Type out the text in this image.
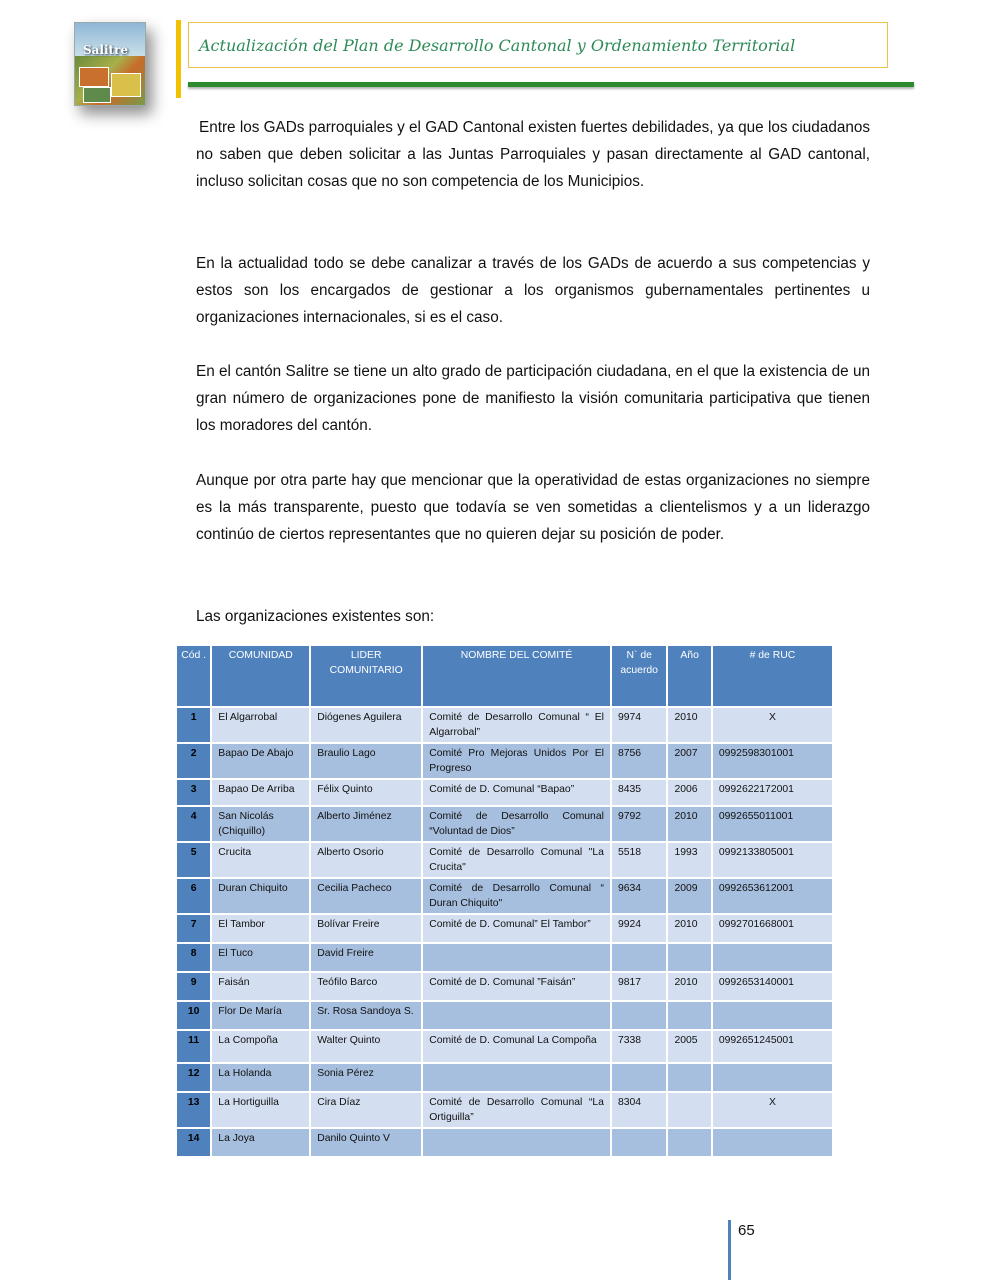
Salitre	Actualización del Plan de Desarrollo Cantonal y Ordenamiento Territorial

Entre los GADs parroquiales y el GAD Cantonal existen fuertes debilidades, ya que los ciudadanos no saben que deben solicitar a las Juntas Parroquiales y pasan directamente al GAD cantonal, incluso solicitan cosas que no son competencia de los Municipios.

En la actualidad todo se debe canalizar a través de los GADs de acuerdo a sus competencias y estos son los encargados de gestionar a los organismos gubernamentales pertinentes u organizaciones internacionales, si es el caso.

En el cantón Salitre se tiene un alto grado de participación ciudadana, en el que la existencia de un gran número de organizaciones pone de manifiesto la visión comunitaria participativa que tienen los moradores del cantón.

Aunque por otra parte hay que mencionar que la operatividad de estas organizaciones no siempre es la más transparente, puesto que todavía se ven sometidas a clientelismos y a un liderazgo continúo de ciertos representantes que no quieren dejar su posición de poder.

Las organizaciones existentes son:

Cód .	COMUNIDAD	LIDER COMUNITARIO	NOMBRE DEL COMITÉ	N` de acuerdo	Año	# de RUC
1	El Algarrobal	Diógenes Aguilera	Comité de Desarrollo Comunal “ El Algarrobal”	9974	2010	X
2	Bapao De Abajo	Braulio Lago	Comité Pro Mejoras Unidos Por El Progreso	8756	2007	0992598301001
3	Bapao De Arriba	Félix Quinto	Comité de D. Comunal “Bapao”	8435	2006	0992622172001
4	San Nicolás (Chiquillo)	Alberto Jiménez	Comité de Desarrollo Comunal “Voluntad de Dios”	9792	2010	0992655011001
5	Crucita	Alberto Osorio	Comité de Desarrollo Comunal "La Crucita"	5518	1993	0992133805001
6	Duran Chiquito	Cecilia Pacheco	Comité de Desarrollo Comunal “ Duran Chiquito"	9634	2009	0992653612001
7	El Tambor	Bolívar Freire	Comité de D. Comunal” El Tambor”	9924	2010	0992701668001
8	El Tuco	David Freire				
9	Faisán	Teófilo Barco	Comité de D. Comunal ”Faisán”	9817	2010	0992653140001
10	Flor De María	Sr. Rosa Sandoya S.				
11	La Compoña	Walter Quinto	Comité de D. Comunal La Compoña	7338	2005	0992651245001
12	La Holanda	Sonia Pérez				
13	La Hortiguilla	Cira Díaz	Comité de Desarrollo Comunal “La Ortiguilla”	8304		X
14	La Joya	Danilo Quinto V				
65
